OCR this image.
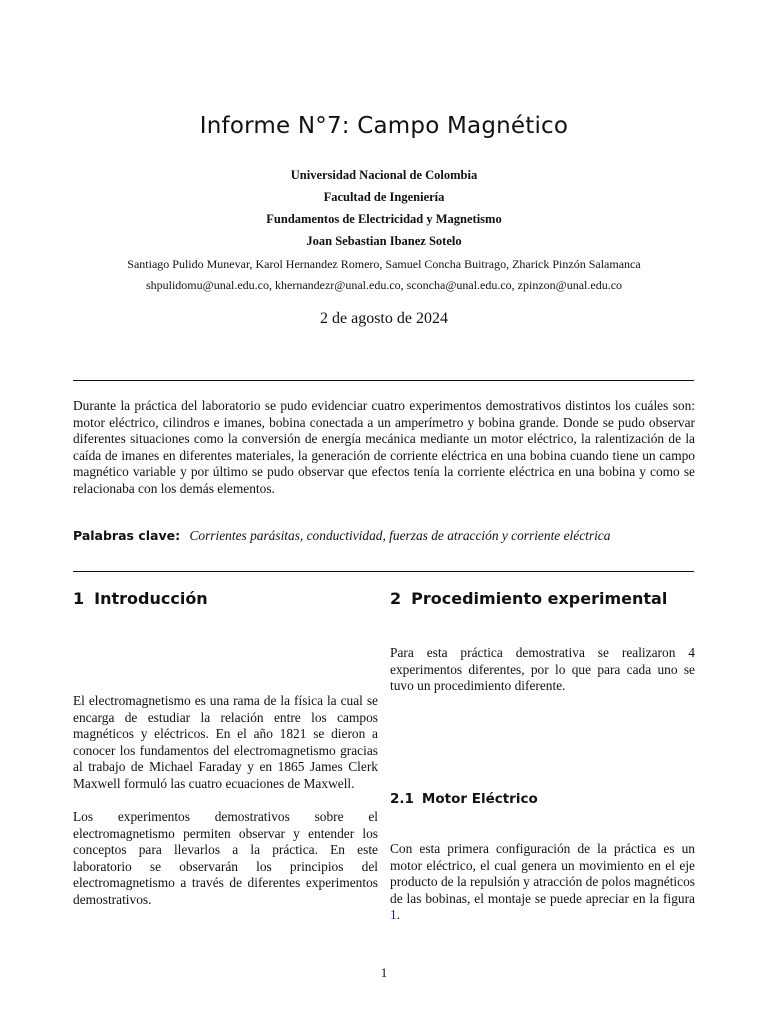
Informe N°7: Campo Magnético
Universidad Nacional de Colombia
Facultad de Ingeniería
Fundamentos de Electricidad y Magnetismo
Joan Sebastian Ibanez Sotelo
Santiago Pulido Munevar, Karol Hernandez Romero, Samuel Concha Buitrago, Zharick Pinzón Salamanca
shpulidomu@unal.edu.co, khernandezr@unal.edu.co, sconcha@unal.edu.co, zpinzon@unal.edu.co
2 de agosto de 2024

Durante la práctica del laboratorio se pudo evidenciar cuatro experimentos demostrativos distintos los cuáles son: motor eléctrico, cilindros e imanes, bobina conectada a un amperímetro y bobina grande. Donde se pudo observar diferentes situaciones como la conversión de energía mecánica mediante un motor eléctrico, la ralentización de la caída de imanes en diferentes materiales, la generación de corriente eléctrica en una bobina cuando tiene un campo magnético variable y por último se pudo observar que efectos tenía la corriente eléctrica en una bobina y como se relacionaba con los demás elementos.

Palabras clave: Corrientes parásitas, conductividad, fuerzas de atracción y corriente eléctrica
1 Introducción

El electromagnetismo es una rama de la física la cual se encarga de estudiar la relación entre los campos magnéticos y eléctricos. En el año 1821 se dieron a conocer los fundamentos del electromagnetismo gracias al trabajo de Michael Faraday y en 1865 James Clerk Maxwell formuló las cuatro ecuaciones de Maxwell.

Los experimentos demostrativos sobre el electromagnetismo permiten observar y entender los conceptos para llevarlos a la práctica. En este laboratorio se observarán los principios del electromagnetismo a través de diferentes experimentos demostrativos.

2 Procedimiento experimental

Para esta práctica demostrativa se realizaron 4 experimentos diferentes, por lo que para cada uno se tuvo un procedimiento diferente.

2.1 Motor Eléctrico

Con esta primera configuración de la práctica es un motor eléctrico, el cual genera un movimiento en el eje producto de la repulsión y atracción de polos magnéticos de las bobinas, el montaje se puede apreciar en la figura 1.

1
